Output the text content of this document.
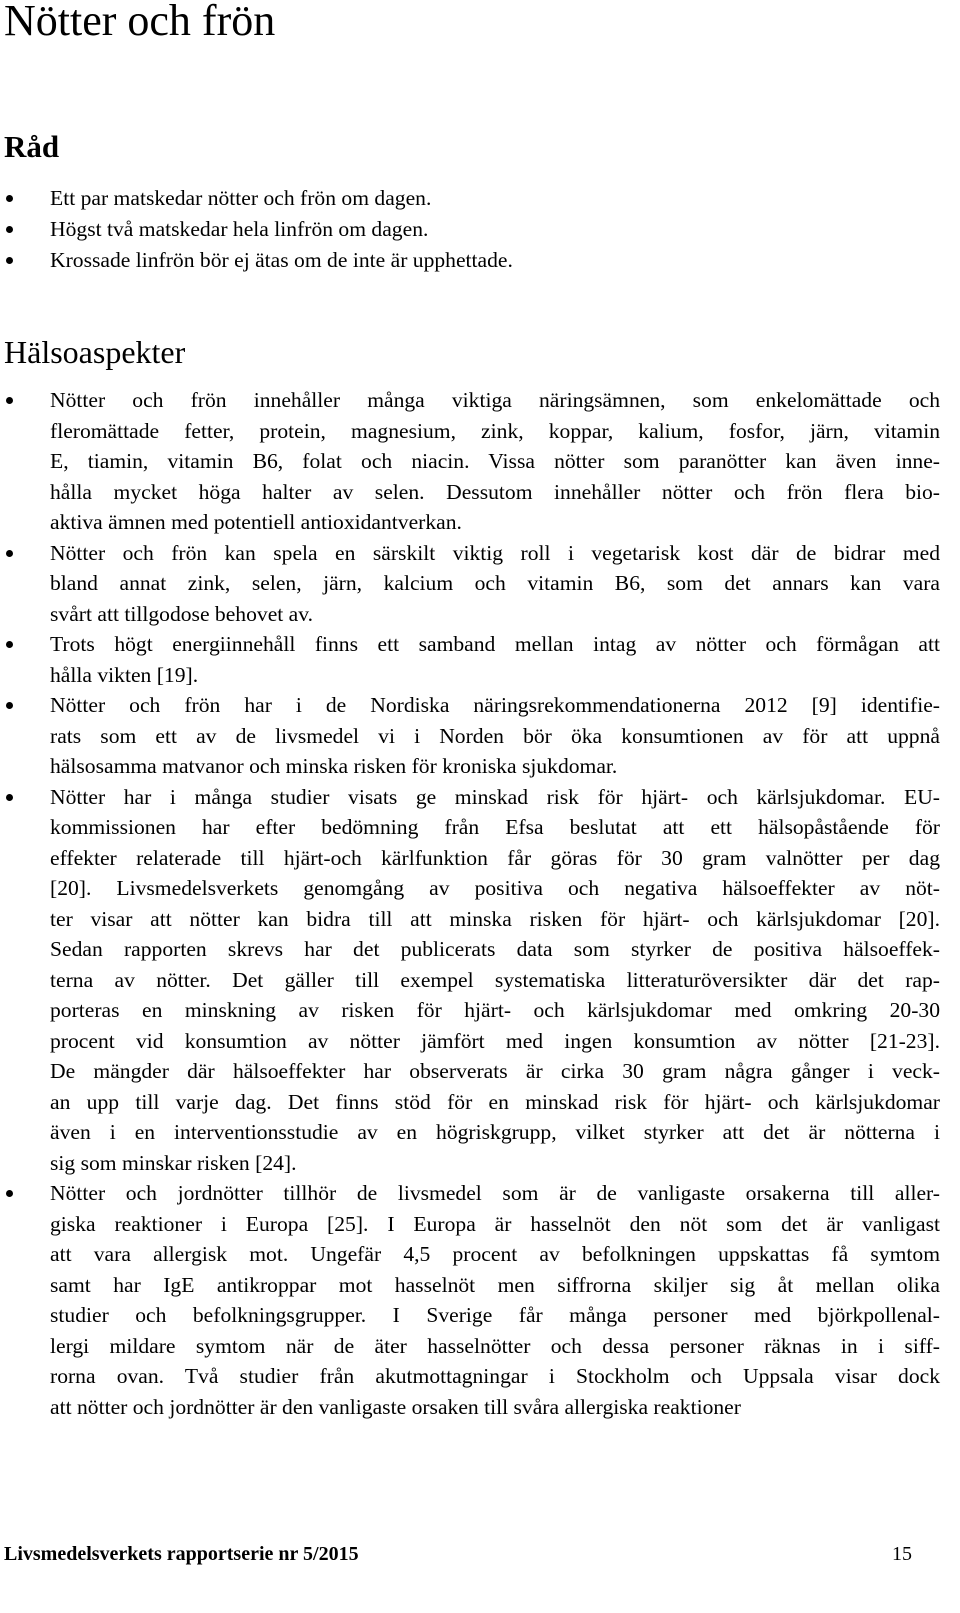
Nötter och frön
Råd
Ett par matskedar nötter och frön om dagen.
Högst två matskedar hela linfrön om dagen.
Krossade linfrön bör ej ätas om de inte är upphettade.
Hälsoaspekter
Nötter och frön innehåller många viktiga näringsämnen, som enkelomättade och
fleromättade fetter, protein, magnesium, zink, koppar, kalium, fosfor, järn, vitamin
E, tiamin, vitamin B6, folat och niacin. Vissa nötter som paranötter kan även inne-
hålla mycket höga halter av selen. Dessutom innehåller nötter och frön flera bio-
aktiva ämnen med potentiell antioxidantverkan.
Nötter och frön kan spela en särskilt viktig roll i vegetarisk kost där de bidrar med
bland annat zink, selen, järn, kalcium och vitamin B6, som det annars kan vara
svårt att tillgodose behovet av.
Trots högt energiinnehåll finns ett samband mellan intag av nötter och förmågan att
hålla vikten [19].
Nötter och frön har i de Nordiska näringsrekommendationerna 2012 [9] identifie-
rats som ett av de livsmedel vi i Norden bör öka konsumtionen av för att uppnå
hälsosamma matvanor och minska risken för kroniska sjukdomar.
Nötter har i många studier visats ge minskad risk för hjärt- och kärlsjukdomar. EU-
kommissionen har efter bedömning från Efsa beslutat att ett hälsopåstående för
effekter relaterade till hjärt-och kärlfunktion får göras för 30 gram valnötter per dag
[20]. Livsmedelsverkets genomgång av positiva och negativa hälsoeffekter av nöt-
ter visar att nötter kan bidra till att minska risken för hjärt- och kärlsjukdomar [20].
Sedan rapporten skrevs har det publicerats data som styrker de positiva hälsoeffek-
terna av nötter. Det gäller till exempel systematiska litteraturöversikter där det rap-
porteras en minskning av risken för hjärt- och kärlsjukdomar med omkring 20-30
procent vid konsumtion av nötter jämfört med ingen konsumtion av nötter [21-23].
De mängder där hälsoeffekter har observerats är cirka 30 gram några gånger i veck-
an upp till varje dag. Det finns stöd för en minskad risk för hjärt- och kärlsjukdomar
även i en interventionsstudie av en högriskgrupp, vilket styrker att det är nötterna i
sig som minskar risken [24].
Nötter och jordnötter tillhör de livsmedel som är de vanligaste orsakerna till aller-
giska reaktioner i Europa [25]. I Europa är hasselnöt den nöt som det är vanligast
att vara allergisk mot. Ungefär 4,5 procent av befolkningen uppskattas få symtom
samt har IgE antikroppar mot hasselnöt men siffrorna skiljer sig åt mellan olika
studier och befolkningsgrupper. I Sverige får många personer med björkpollenal-
lergi mildare symtom när de äter hasselnötter och dessa personer räknas in i siff-
rorna ovan. Två studier från akutmottagningar i Stockholm och Uppsala visar dock
att nötter och jordnötter är den vanligaste orsaken till svåra allergiska reaktioner
Livsmedelsverkets rapportserie nr 5/2015	15
